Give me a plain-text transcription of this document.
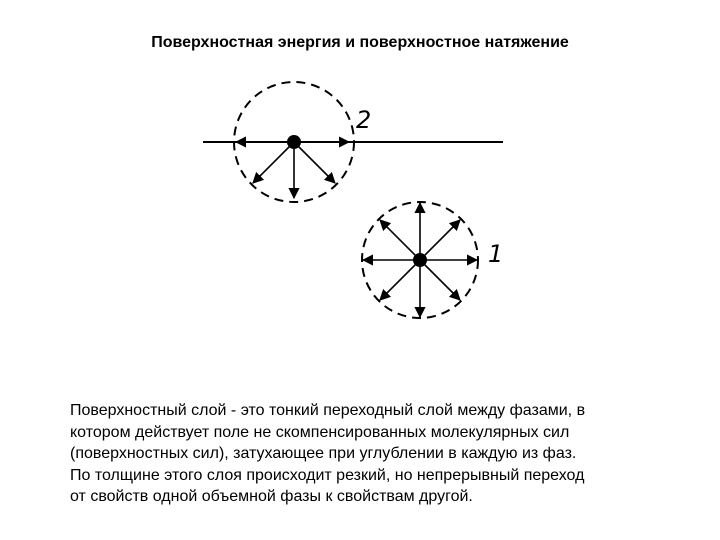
Поверхностная энергия и поверхностное натяжение
2
1

Поверхностный слой - это тонкий переходный слой между фазами, в
котором действует поле не скомпенсированных молекулярных сил
(поверхностных сил), затухающее при углублении в каждую из фаз.
По толщине этого слоя происходит резкий, но непрерывный переход
от свойств одной объемной фазы к свойствам другой.
